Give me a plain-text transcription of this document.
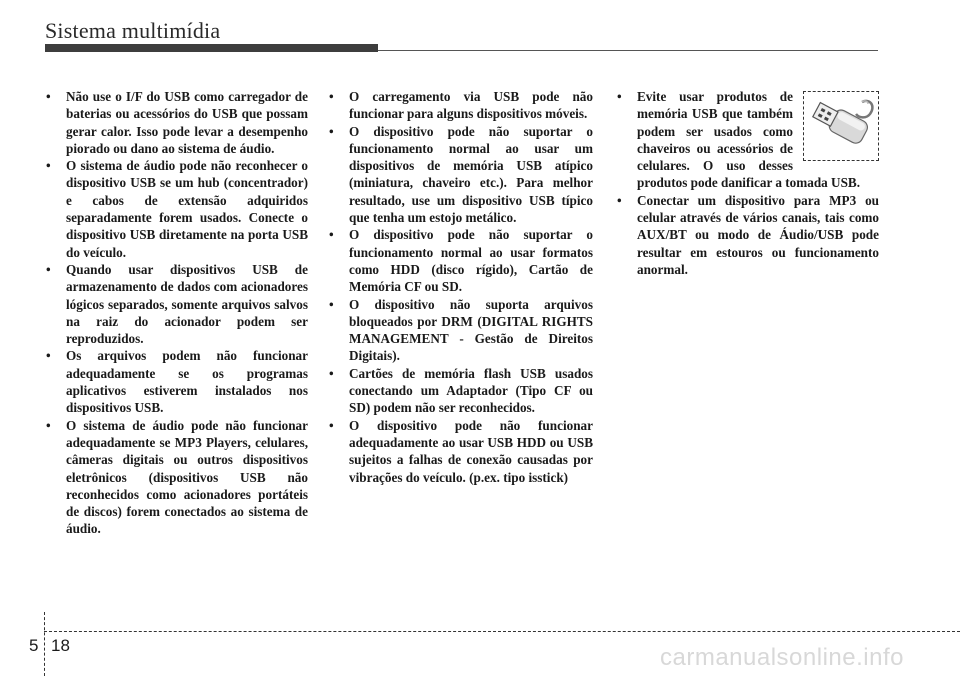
Sistema multimídia
• Não use o I/F do USB como carregador de baterias ou acessórios do USB que possam gerar calor. Isso pode levar a desempenho piorado ou dano ao sistema de áudio.
• O sistema de áudio pode não reconhecer o dispositivo USB se um hub (concentrador) e cabos de extensão adquiridos separadamente forem usados. Conecte o dispositivo USB diretamente na porta USB do veículo.
• Quando usar dispositivos USB de armazenamento de dados com acionadores lógicos separados, somente arquivos salvos na raiz do acionador podem ser reproduzidos.
• Os arquivos podem não funcionar adequadamente se os programas aplicativos estiverem instalados nos dispositivos USB.
• O sistema de áudio pode não funcionar adequadamente se MP3 Players, celulares, câmeras digitais ou outros dispositivos eletrônicos (dispositivos USB não reconhecidos como acionadores portáteis de discos) forem conectados ao sistema de áudio.
• O carregamento via USB pode não funcionar para alguns dispositivos móveis.
• O dispositivo pode não suportar o funcionamento normal ao usar um dispositivos de memória USB atípico (miniatura, chaveiro etc.). Para melhor resultado, use um dispositivo USB típico que tenha um estojo metálico.
• O dispositivo pode não suportar o funcionamento normal ao usar formatos como HDD (disco rígido), Cartão de Memória CF ou SD.
• O dispositivo não suporta arquivos bloqueados por DRM (DIGITAL RIGHTS MANAGEMENT - Gestão de Direitos Digitais).
• Cartões de memória flash USB usados conectando um Adaptador (Tipo CF ou SD) podem não ser reconhecidos.
• O dispositivo pode não funcionar adequadamente ao usar USB HDD ou USB sujeitos a falhas de conexão causadas por vibrações do veículo. (p.ex. tipo isstick)
• Evite usar produtos de memória USB que também podem ser usados como chaveiros ou acessórios de celulares. O uso desses produtos pode danificar a tomada USB.
• Conectar um dispositivo para MP3 ou celular através de vários canais, tais como AUX/BT ou modo de Áudio/USB pode resultar em estouros ou funcionamento anormal.
5 18	carmanualsonline.info
